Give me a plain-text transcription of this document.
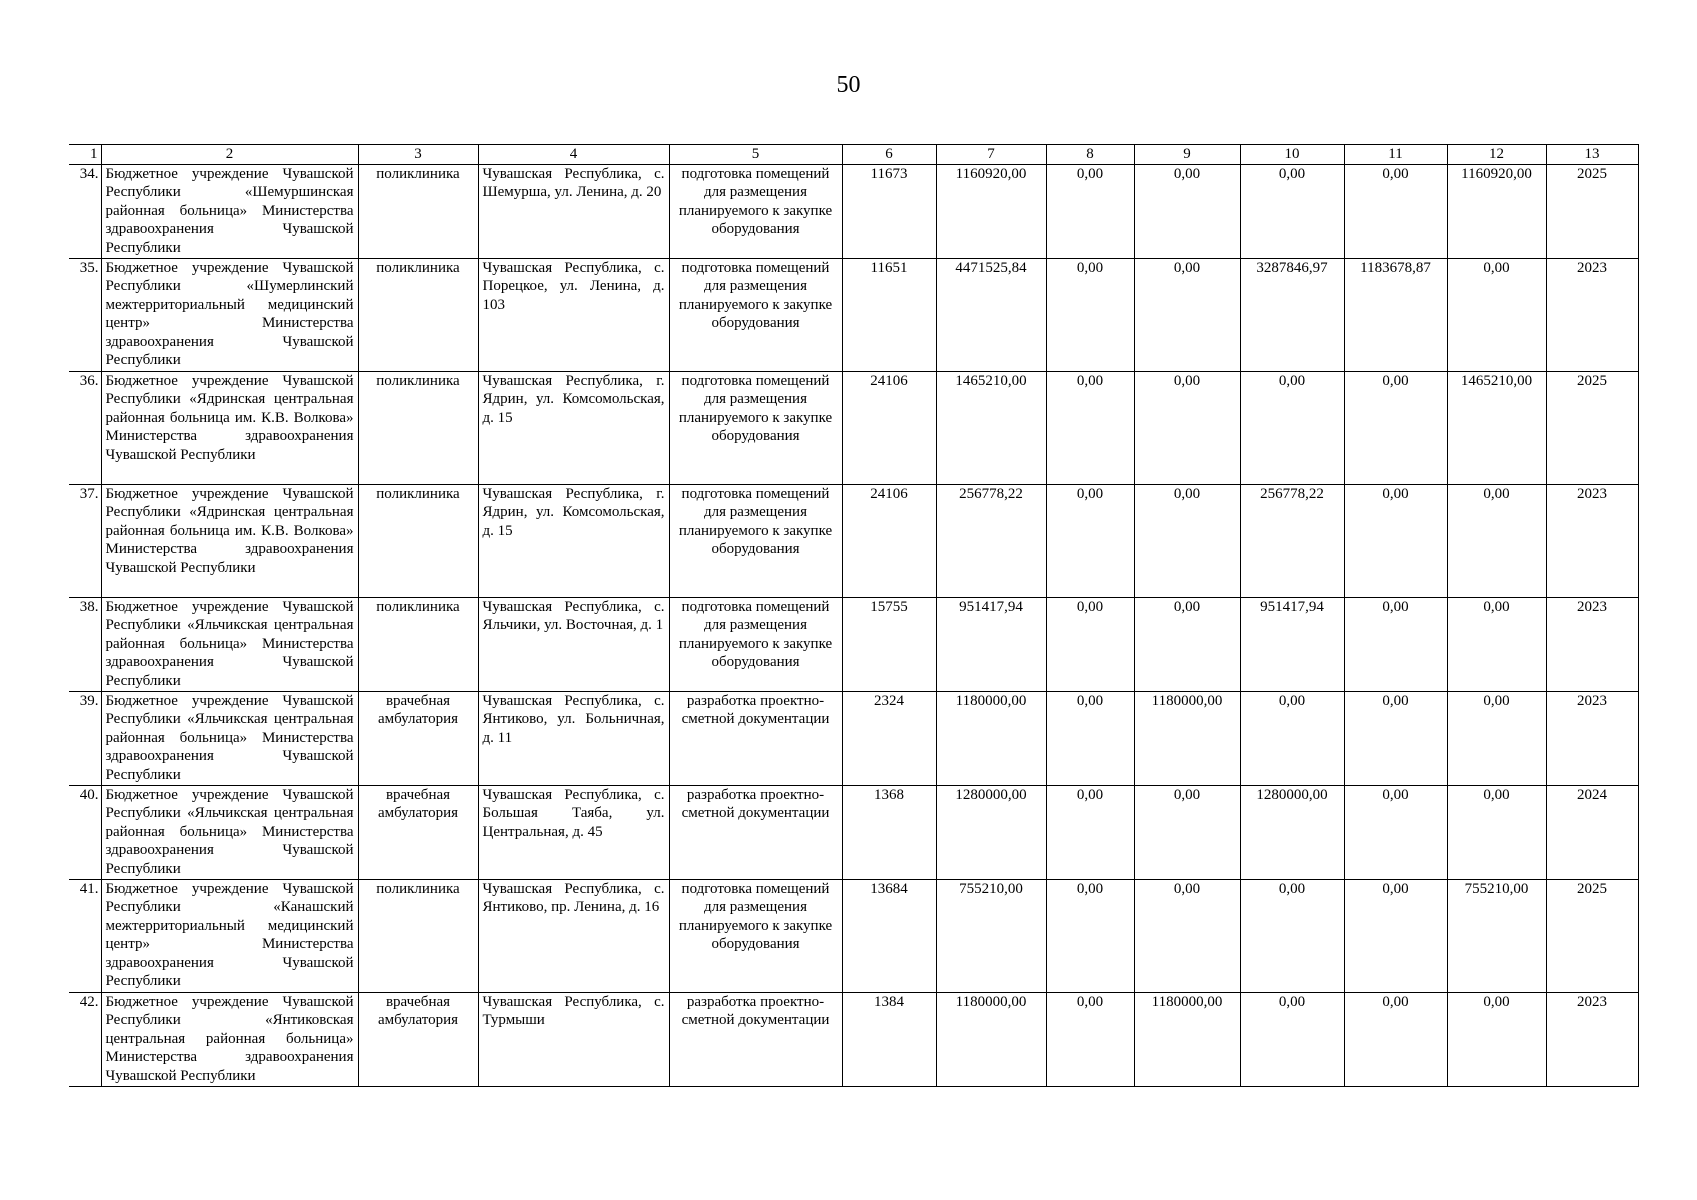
50
1	2	3	4	5	6	7	8	9	10	11	12	13
34.	Бюджетное учреждение Чувашской Республики «Шемуршинская районная больница» Министерства здравоохранения Чувашской Республики	поликлиника	Чувашская Республика, с. Шемурша, ул. Ленина, д. 20	подготовка помещений для размещения планируемого к закупке оборудования	11673	1160920,00	0,00	0,00	0,00	0,00	1160920,00	2025
35.	Бюджетное учреждение Чувашской Республики «Шумерлинский межтерриториальный медицинский центр» Министерства здравоохранения Чувашской Республики	поликлиника	Чувашская Республика, с. Порецкое, ул. Ленина, д. 103	подготовка помещений для размещения планируемого к закупке оборудования	11651	4471525,84	0,00	0,00	3287846,97	1183678,87	0,00	2023
36.	Бюджетное учреждение Чувашской Республики «Ядринская центральная районная больница им. К.В. Волкова» Министерства здравоохранения Чувашской Республики	поликлиника	Чувашская Республика, г. Ядрин, ул. Комсомольская, д. 15	подготовка помещений для размещения планируемого к закупке оборудования	24106	1465210,00	0,00	0,00	0,00	0,00	1465210,00	2025
37.	Бюджетное учреждение Чувашской Республики «Ядринская центральная районная больница им. К.В. Волкова» Министерства здравоохранения Чувашской Республики	поликлиника	Чувашская Республика, г. Ядрин, ул. Комсомольская, д. 15	подготовка помещений для размещения планируемого к закупке оборудования	24106	256778,22	0,00	0,00	256778,22	0,00	0,00	2023
38.	Бюджетное учреждение Чувашской Республики «Яльчикская центральная районная больница» Министерства здравоохранения Чувашской Республики	поликлиника	Чувашская Республика, с. Яльчики, ул. Восточная, д. 1	подготовка помещений для размещения планируемого к закупке оборудования	15755	951417,94	0,00	0,00	951417,94	0,00	0,00	2023
39.	Бюджетное учреждение Чувашской Республики «Яльчикская центральная районная больница» Министерства здравоохранения Чувашской Республики	врачебная амбулатория	Чувашская Республика, с. Янтиково, ул. Больничная, д. 11	разработка проектно-сметной документации	2324	1180000,00	0,00	1180000,00	0,00	0,00	0,00	2023
40.	Бюджетное учреждение Чувашской Республики «Яльчикская центральная районная больница» Министерства здравоохранения Чувашской Республики	врачебная амбулатория	Чувашская Республика, с. Большая Таяба, ул. Центральная, д. 45	разработка проектно-сметной документации	1368	1280000,00	0,00	0,00	1280000,00	0,00	0,00	2024
41.	Бюджетное учреждение Чувашской Республики «Канашский межтерриториальный медицинский центр» Министерства здравоохранения Чувашской Республики	поликлиника	Чувашская Республика, с. Янтиково, пр. Ленина, д. 16	подготовка помещений для размещения планируемого к закупке оборудования	13684	755210,00	0,00	0,00	0,00	0,00	755210,00	2025
42.	Бюджетное учреждение Чувашской Республики «Янтиковская центральная районная больница» Министерства здравоохранения Чувашской Республики	врачебная амбулатория	Чувашская Республика, с. Турмыши	разработка проектно-сметной документации	1384	1180000,00	0,00	1180000,00	0,00	0,00	0,00	2023
